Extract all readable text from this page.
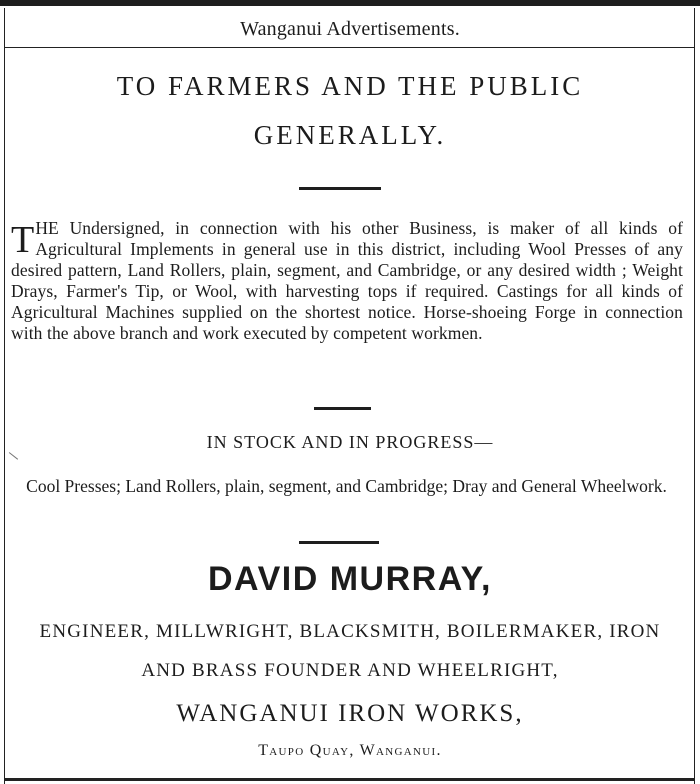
Wanganui Advertisements.
TO FARMERS AND THE PUBLIC
GENERALLY.
THE Undersigned, in connection with his other Business, is maker of all kinds of Agricultural Implements in general use in this district, including Wool Presses of any desired pattern, Land Rollers, plain, segment, and Cambridge, or any desired width ; Weight Drays, Farmer's Tip, or Wool, with harvesting tops if required. Castings for all kinds of Agricultural Machines supplied on the shortest notice. Horse-shoeing Forge in connection with the above branch and work executed by competent workmen.
IN STOCK AND IN PROGRESS—
Cool Presses; Land Rollers, plain, segment, and Cambridge; Dray and General Wheelwork.
DAVID MURRAY,
ENGINEER, MILLWRIGHT, BLACKSMITH, BOILERMAKER, IRON
AND BRASS FOUNDER AND WHEELRIGHT,
WANGANUI IRON WORKS,
Taupo Quay, Wanganui.
